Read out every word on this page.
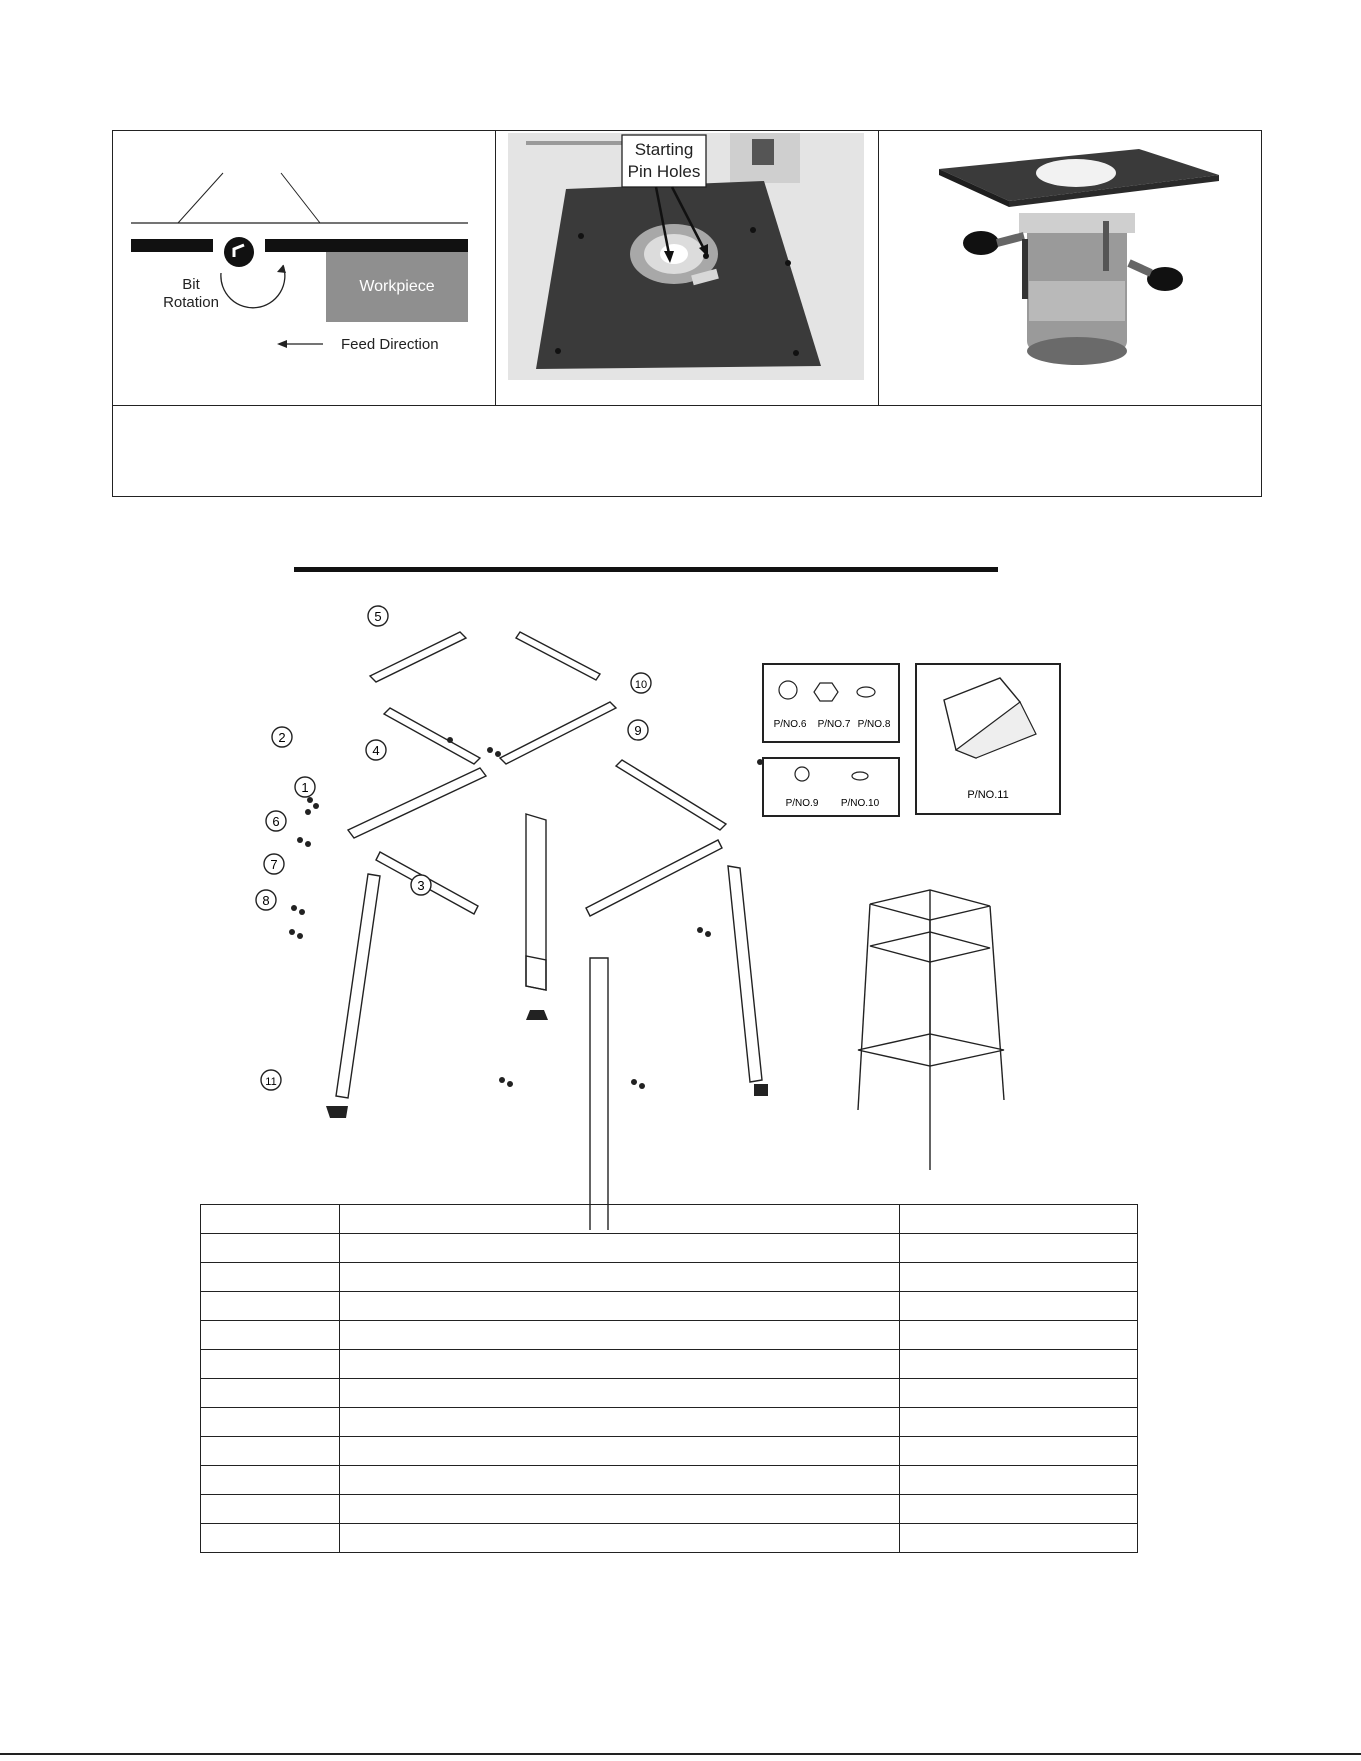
Workpiece
Bit
Rotation
Feed Direction
Starting
Pin Holes
1
2
3
4
5
6
7
8
9
10
11
P/NO.6 P/NO.7 P/NO.8
P/NO.9 P/NO.10
P/NO.11
